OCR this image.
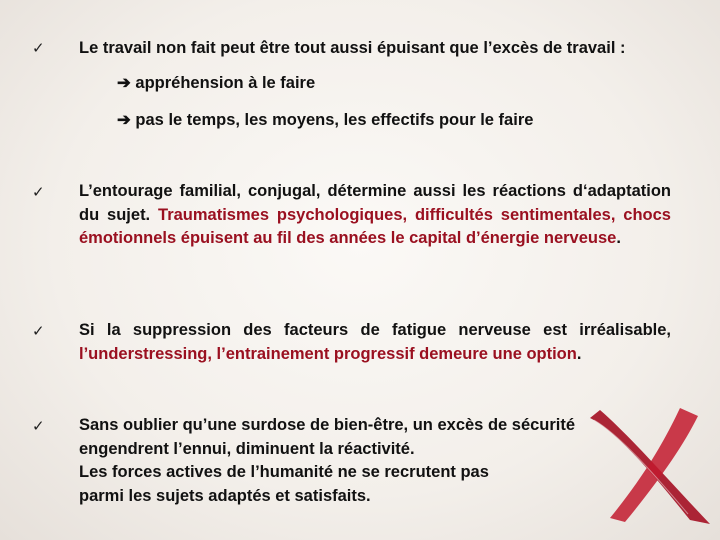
✓ Le travail non fait peut être tout aussi épuisant que l’excès de travail :
➔ appréhension à le faire
➔ pas le temps, les moyens, les effectifs pour le faire
✓ L’entourage familial, conjugal, détermine aussi les réactions d‘adaptation du sujet. Traumatismes psychologiques, difficultés sentimentales, chocs émotionnels épuisent au fil des années le capital d’énergie nerveuse.
✓ Si la suppression des facteurs de fatigue nerveuse est irréalisable, l’understressing, l’entrainement progressif demeure une option.
✓ Sans oublier qu’une surdose de bien-être, un excès de sécurité
engendrent l’ennui, diminuent la réactivité.
Les forces actives de l’humanité ne se recrutent pas
parmi les sujets adaptés et satisfaits.
